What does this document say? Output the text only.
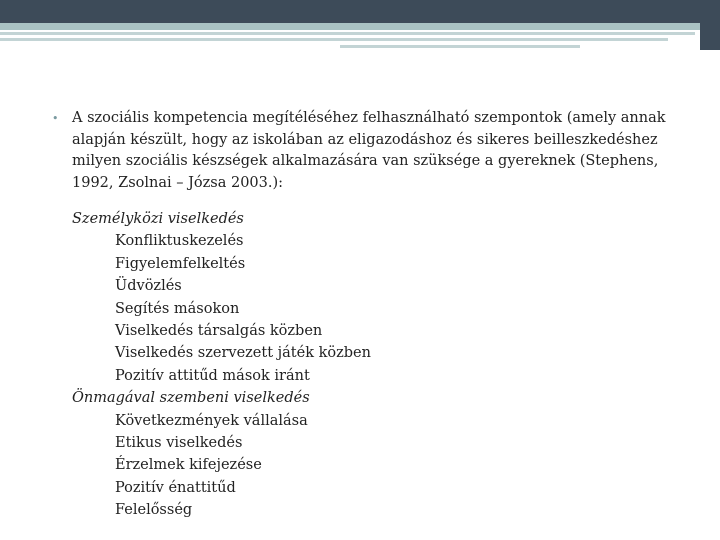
• A szociális kompetencia megítéléséhez felhasználható szempontok (amely annak alapján készült, hogy az iskolában az eligazodáshoz és sikeres beilleszkedéshez milyen szociális készségek alkalmazására van szüksége a gyereknek (Stephens, 1992, Zsolnai – Józsa 2003.):
Személyközi viselkedés
Konfliktuskezelés
Figyelemfelkeltés
Üdvözlés
Segítés másokon
Viselkedés társalgás közben
Viselkedés szervezett játék közben
Pozitív attitűd mások iránt
Önmagával szembeni viselkedés
Következmények vállalása
Etikus viselkedés
Érzelmek kifejezése
Pozitív énattitűd
Felelősség
